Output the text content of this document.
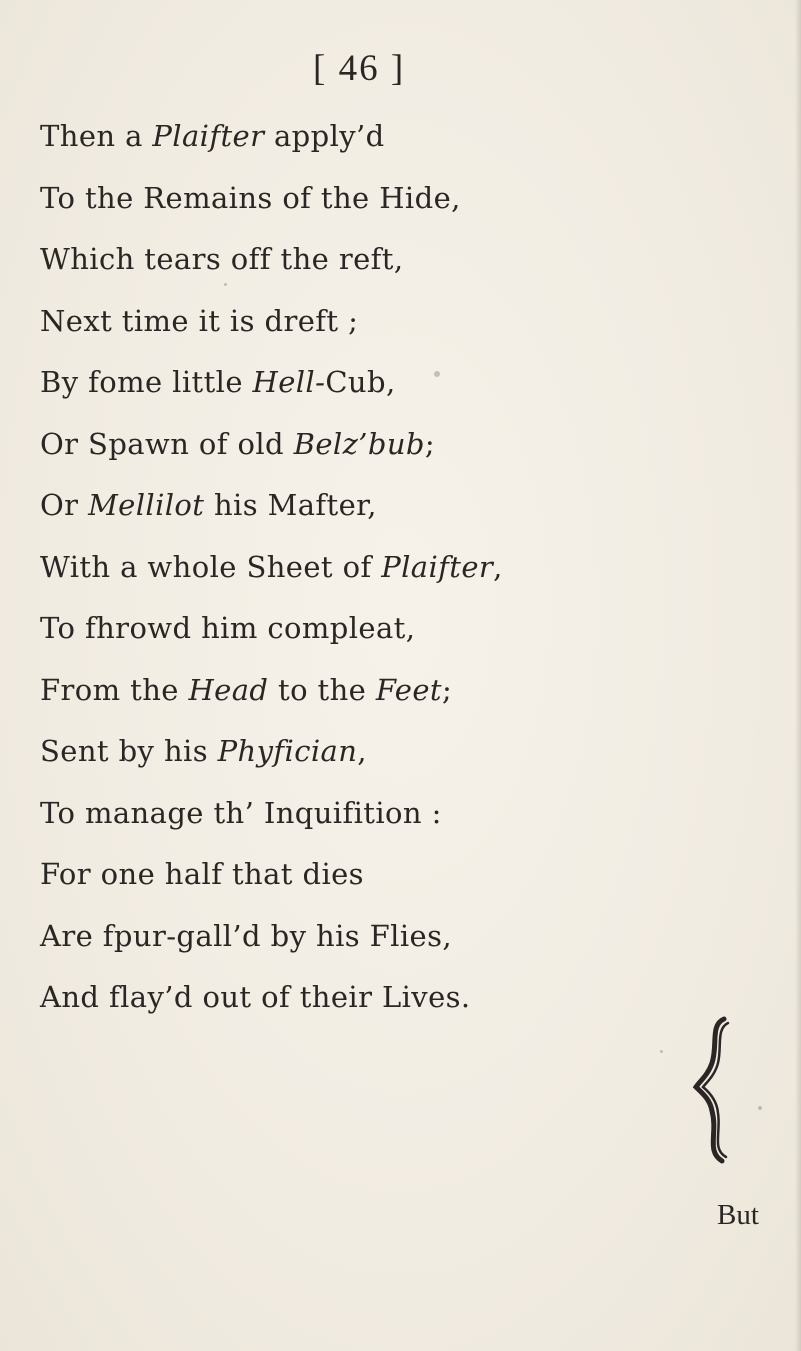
[ 46 ]
Then a Plaifter apply’d
To the Remains of the Hide,
Which tears off the reft,
Next time it is dreft ;
By fome little Hell-Cub,
Or Spawn of old Belz’bub;
Or Mellilot his Mafter,
With a whole Sheet of Plaifter,
To fhrowd him compleat,
From the Head to the Feet;
Sent by his Phyfician,
To manage th’ Inquifition :
For one half that dies
Are fpur-gall’d by his Flies,
And flay’d out of their Lives.
But
